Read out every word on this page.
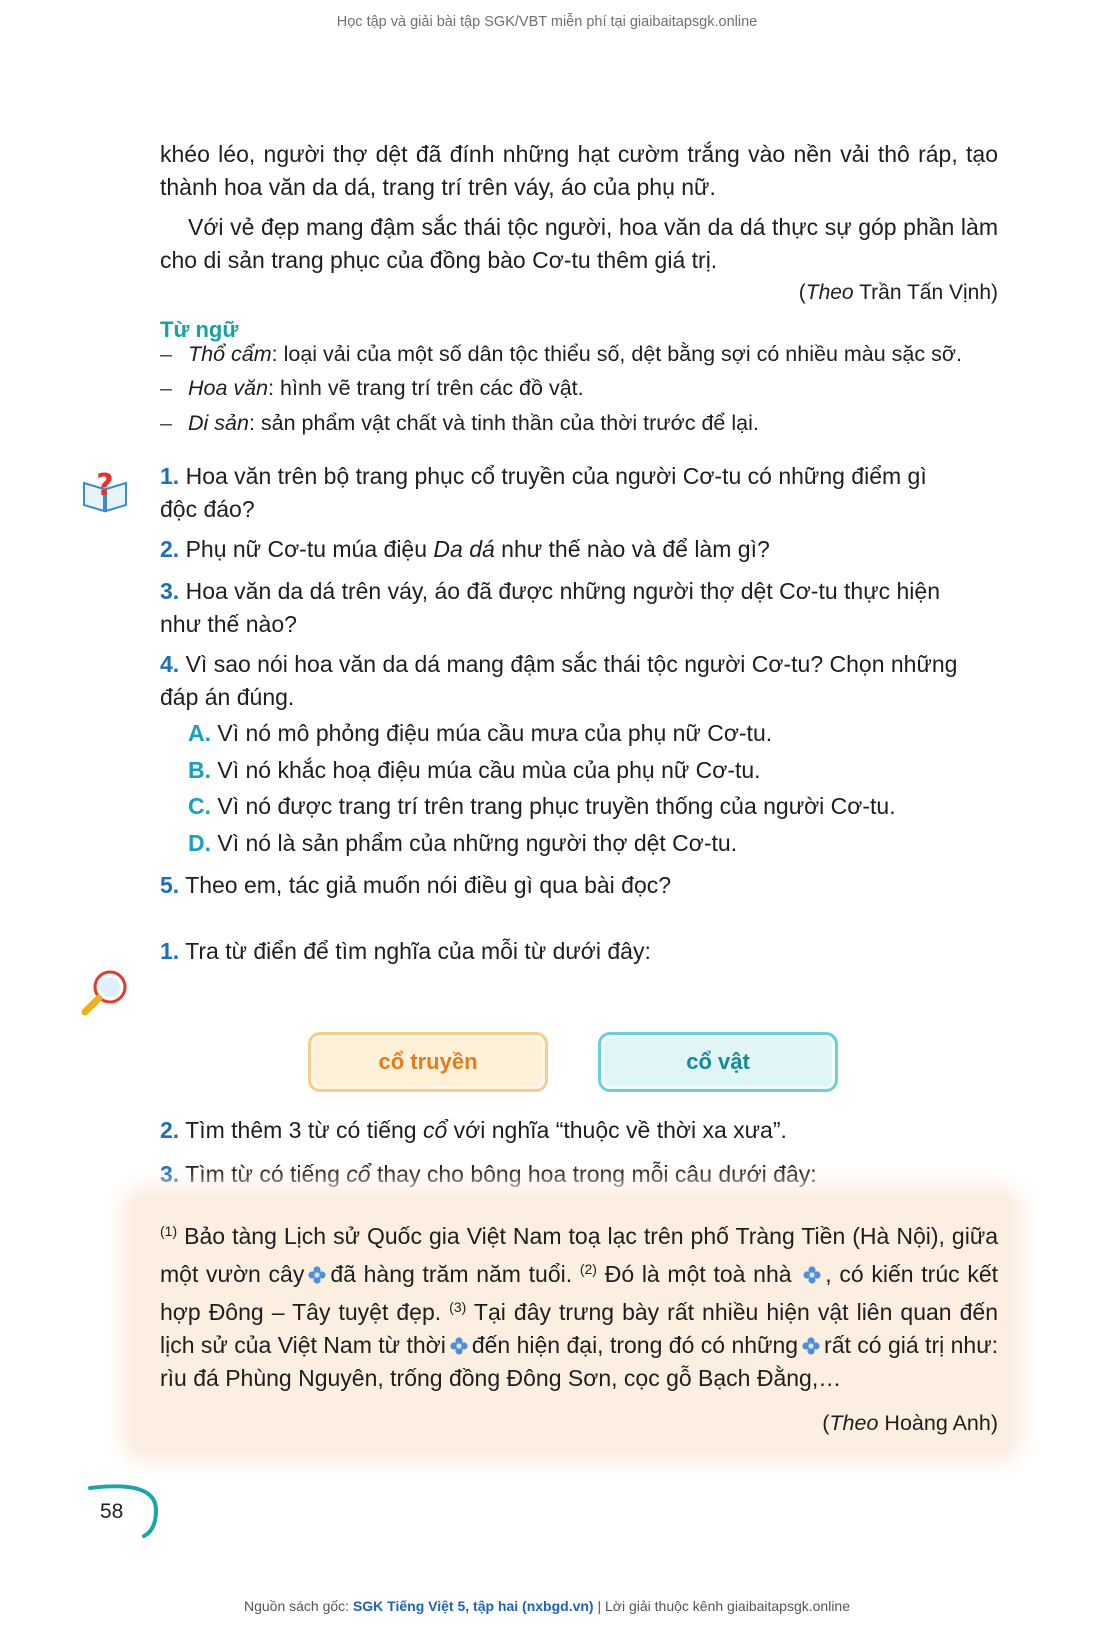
Học tập và giải bài tập SGK/VBT miễn phí tại giaibaitapsgk.online
khéo léo, người thợ dệt đã đính những hạt cườm trắng vào nền vải thô ráp, tạo thành hoa văn da dá, trang trí trên váy, áo của phụ nữ.
Với vẻ đẹp mang đậm sắc thái tộc người, hoa văn da dá thực sự góp phần làm cho di sản trang phục của đồng bào Cơ-tu thêm giá trị.
(Theo Trần Tấn Vịnh)
Từ ngữ
– Thổ cẩm: loại vải của một số dân tộc thiểu số, dệt bằng sợi có nhiều màu sặc sỡ.
– Hoa văn: hình vẽ trang trí trên các đồ vật.
– Di sản: sản phẩm vật chất và tinh thần của thời trước để lại.
? 1. Hoa văn trên bộ trang phục cổ truyền của người Cơ-tu có những điểm gì
độc đáo?
2. Phụ nữ Cơ-tu múa điệu Da dá như thế nào và để làm gì?
3. Hoa văn da dá trên váy, áo đã được những người thợ dệt Cơ-tu thực hiện
như thế nào?
4. Vì sao nói hoa văn da dá mang đậm sắc thái tộc người Cơ-tu? Chọn những
đáp án đúng.
A. Vì nó mô phỏng điệu múa cầu mưa của phụ nữ Cơ-tu.
B. Vì nó khắc hoạ điệu múa cầu mùa của phụ nữ Cơ-tu.
C. Vì nó được trang trí trên trang phục truyền thống của người Cơ-tu.
D. Vì nó là sản phẩm của những người thợ dệt Cơ-tu.
5. Theo em, tác giả muốn nói điều gì qua bài đọc?
1. Tra từ điển để tìm nghĩa của mỗi từ dưới đây:
cổ truyền	cổ vật
2. Tìm thêm 3 từ có tiếng cổ với nghĩa “thuộc về thời xa xưa”.
3. Tìm từ có tiếng cổ thay cho bông hoa trong mỗi câu dưới đây:
$^{(1)}$ Bảo tàng Lịch sử Quốc gia Việt Nam toạ lạc trên phố Tràng Tiền (Hà Nội), giữa một vườn cây đã hàng trăm năm tuổi. $^{(2)}$ Đó là một toà nhà , có kiến trúc kết hợp Đông – Tây tuyệt đẹp. $^{(3)}$ Tại đây trưng bày rất nhiều hiện vật liên quan đến lịch sử của Việt Nam từ thời đến hiện đại, trong đó có những rất có giá trị như: rìu đá Phùng Nguyên, trống đồng Đông Sơn, cọc gỗ Bạch Đằng,…
(Theo Hoàng Anh)
58
Nguồn sách gốc: SGK Tiếng Việt 5, tập hai (nxbgd.vn) | Lời giải thuộc kênh giaibaitapsgk.online
